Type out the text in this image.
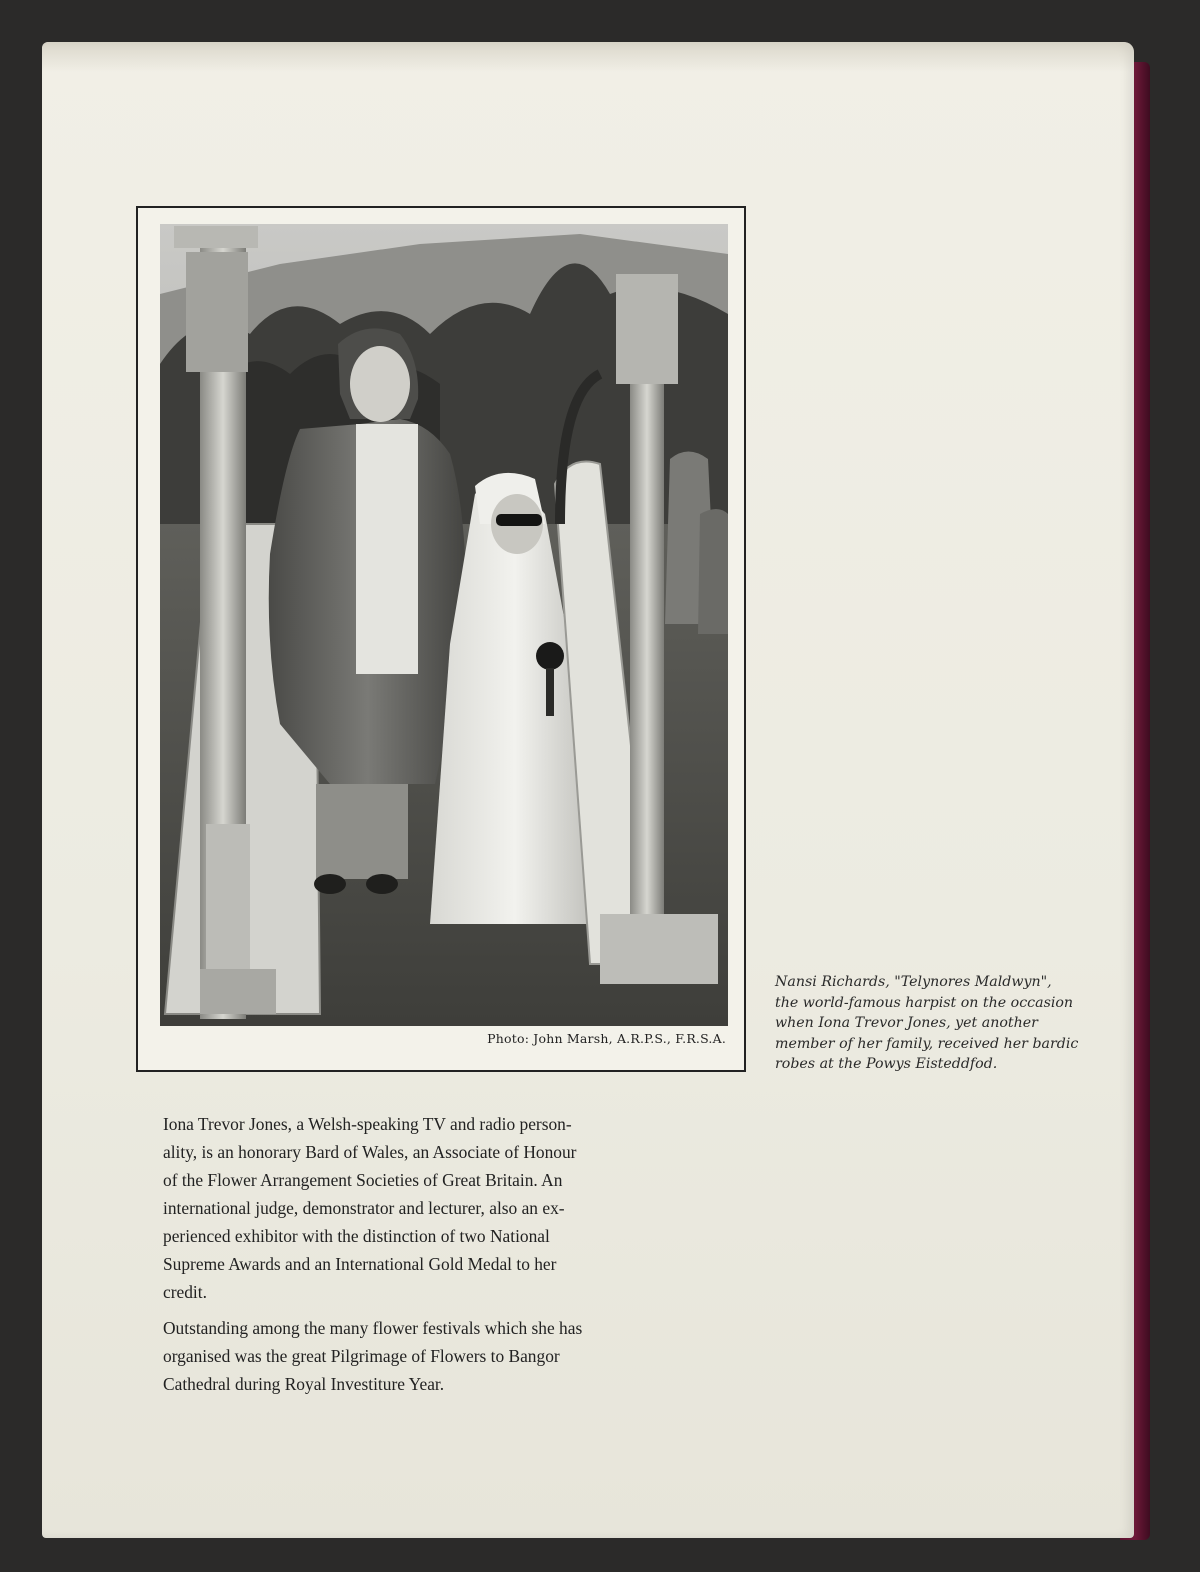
Photo: John Marsh, A.R.P.S., F.R.S.A.
Nansi Richards, "Telynores Maldwyn",
the world-famous harpist on the occasion
when Iona Trevor Jones, yet another
member of her family, received her bardic
robes at the Powys Eisteddfod.

Iona Trevor Jones, a Welsh-speaking TV and radio person-
ality, is an honorary Bard of Wales, an Associate of Honour
of the Flower Arrangement Societies of Great Britain. An
international judge, demonstrator and lecturer, also an ex-
perienced exhibitor with the distinction of two National
Supreme Awards and an International Gold Medal to her
credit.

Outstanding among the many flower festivals which she has
organised was the great Pilgrimage of Flowers to Bangor
Cathedral during Royal Investiture Year.
